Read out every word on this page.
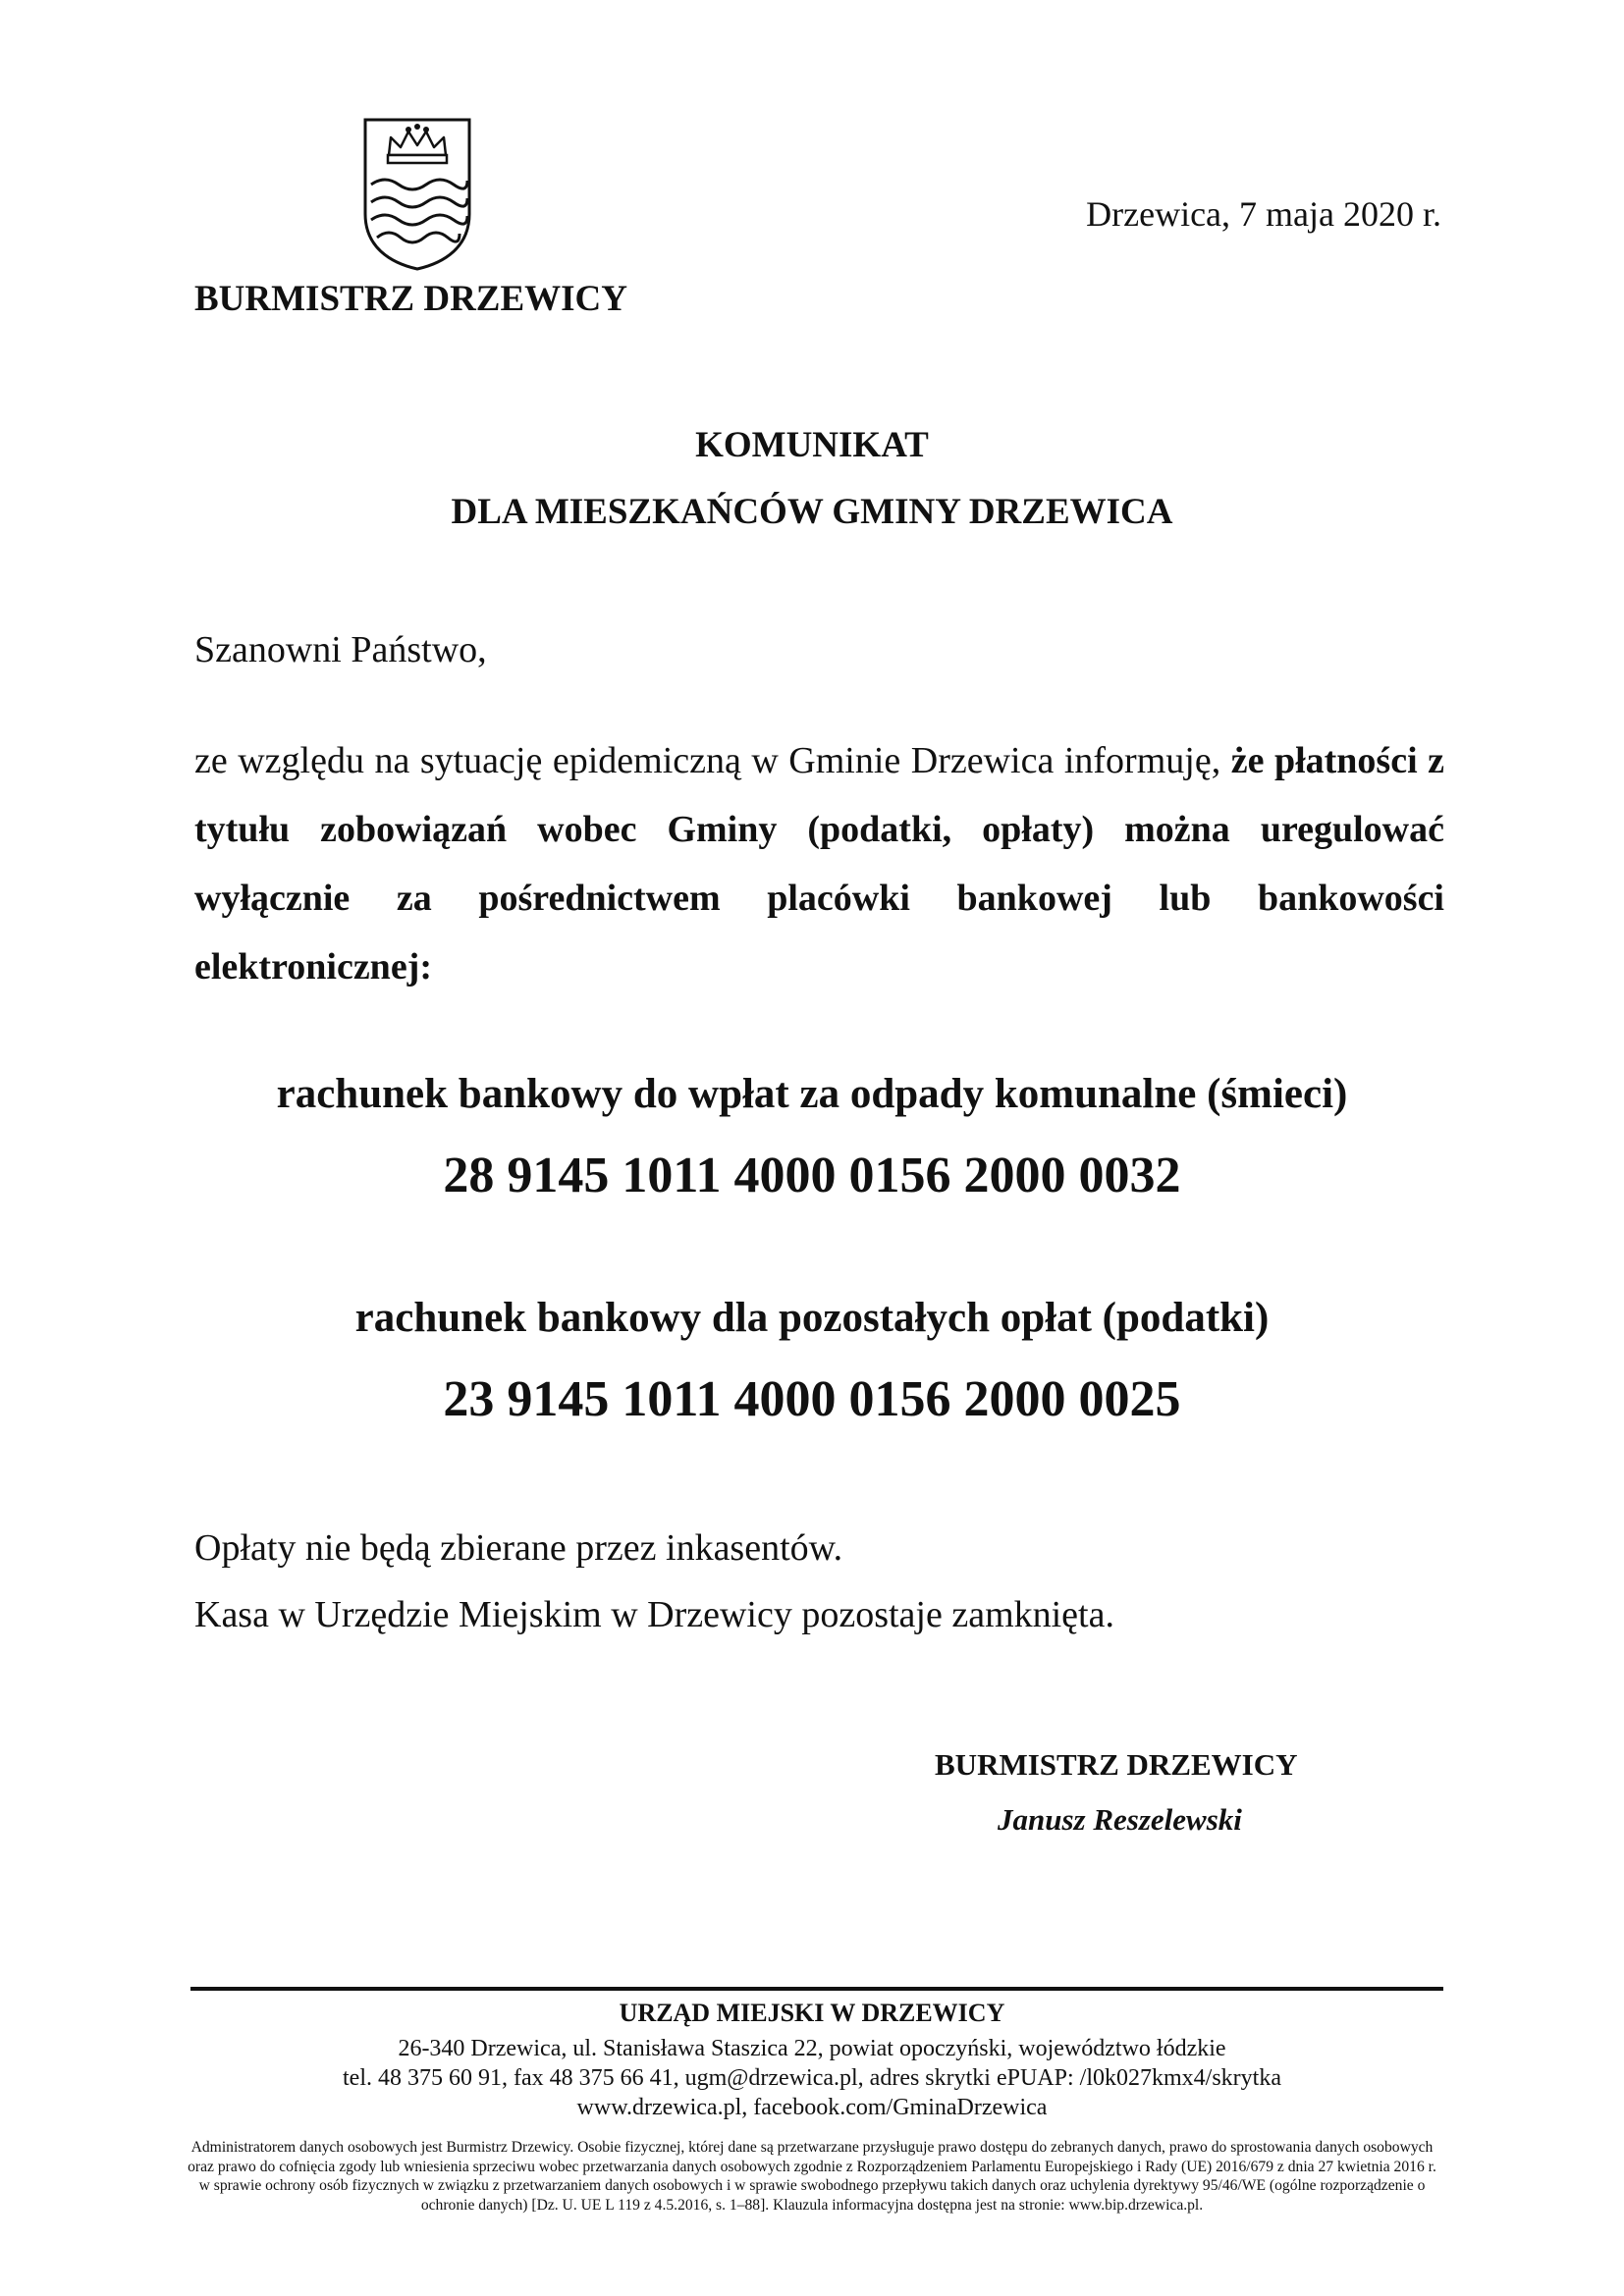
Drzewica, 7 maja 2020 r.
BURMISTRZ DRZEWICY
KOMUNIKAT
DLA MIESZKAŃCÓW GMINY DRZEWICA
Szanowni Państwo,
ze względu na sytuację epidemiczną w Gminie Drzewica informuję, że płatności z tytułu zobowiązań wobec Gminy (podatki, opłaty) można uregulować wyłącznie za pośrednictwem placówki bankowej lub bankowości elektronicznej:
rachunek bankowy do wpłat za odpady komunalne (śmieci)
28 9145 1011 4000 0156 2000 0032
rachunek bankowy dla pozostałych opłat (podatki)
23 9145 1011 4000 0156 2000 0025
Opłaty nie będą zbierane przez inkasentów.
Kasa w Urzędzie Miejskim w Drzewicy pozostaje zamknięta.
BURMISTRZ DRZEWICY
Janusz Reszelewski
URZĄD MIEJSKI W DRZEWICY
26-340 Drzewica, ul. Stanisława Staszica 22, powiat opoczyński, województwo łódzkie
tel. 48 375 60 91, fax 48 375 66 41, ugm@drzewica.pl, adres skrytki ePUAP: /l0k027kmx4/skrytka
www.drzewica.pl, facebook.com/GminaDrzewica
Administratorem danych osobowych jest Burmistrz Drzewicy. Osobie fizycznej, której dane są przetwarzane przysługuje prawo dostępu do zebranych danych, prawo do sprostowania danych osobowych oraz prawo do cofnięcia zgody lub wniesienia sprzeciwu wobec przetwarzania danych osobowych zgodnie z Rozporządzeniem Parlamentu Europejskiego i Rady (UE) 2016/679 z dnia 27 kwietnia 2016 r. w sprawie ochrony osób fizycznych w związku z przetwarzaniem danych osobowych i w sprawie swobodnego przepływu takich danych oraz uchylenia dyrektywy 95/46/WE (ogólne rozporządzenie o ochronie danych) [Dz. U. UE L 119 z 4.5.2016, s. 1–88]. Klauzula informacyjna dostępna jest na stronie: www.bip.drzewica.pl.
